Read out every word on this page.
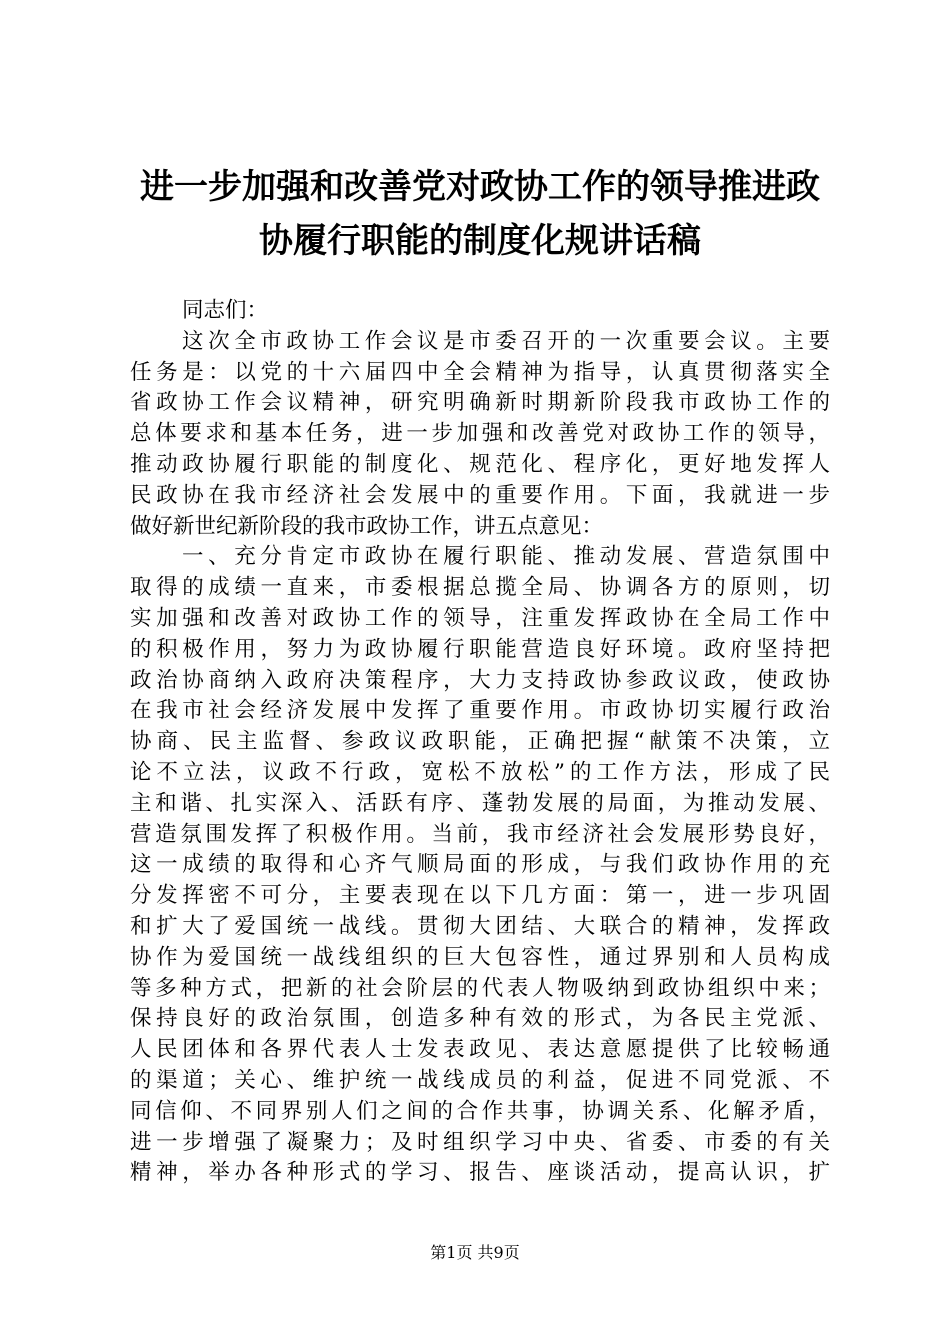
进一步加强和改善党对政协工作的领导推进政
协履行职能的制度化规讲话稿
同志们：
这次全市政协工作会议是市委召开的一次重要会议。主要
任务是：以党的十六届四中全会精神为指导，认真贯彻落实全
省政协工作会议精神，研究明确新时期新阶段我市政协工作的
总体要求和基本任务，进一步加强和改善党对政协工作的领导，
推动政协履行职能的制度化、规范化、程序化，更好地发挥人
民政协在我市经济社会发展中的重要作用。下面，我就进一步
做好新世纪新阶段的我市政协工作，讲五点意见：
一、充分肯定市政协在履行职能、推动发展、营造氛围中
取得的成绩一直来，市委根据总揽全局、协调各方的原则，切
实加强和改善对政协工作的领导，注重发挥政协在全局工作中
的积极作用，努力为政协履行职能营造良好环境。政府坚持把
政治协商纳入政府决策程序，大力支持政协参政议政，使政协
在我市社会经济发展中发挥了重要作用。市政协切实履行政治
协商、民主监督、参政议政职能，正确把握“献策不决策，立
论不立法，议政不行政，宽松不放松”的工作方法，形成了民
主和谐、扎实深入、活跃有序、蓬勃发展的局面，为推动发展、
营造氛围发挥了积极作用。当前，我市经济社会发展形势良好，
这一成绩的取得和心齐气顺局面的形成，与我们政协作用的充
分发挥密不可分，主要表现在以下几方面：第一，进一步巩固
和扩大了爱国统一战线。贯彻大团结、大联合的精神，发挥政
协作为爱国统一战线组织的巨大包容性，通过界别和人员构成
等多种方式，把新的社会阶层的代表人物吸纳到政协组织中来；
保持良好的政治氛围，创造多种有效的形式，为各民主党派、
人民团体和各界代表人士发表政见、表达意愿提供了比较畅通
的渠道；关心、维护统一战线成员的利益，促进不同党派、不
同信仰、不同界别人们之间的合作共事，协调关系、化解矛盾，
进一步增强了凝聚力；及时组织学习中央、省委、市委的有关
精神，举办各种形式的学习、报告、座谈活动，提高认识，扩
第1页 共9页
